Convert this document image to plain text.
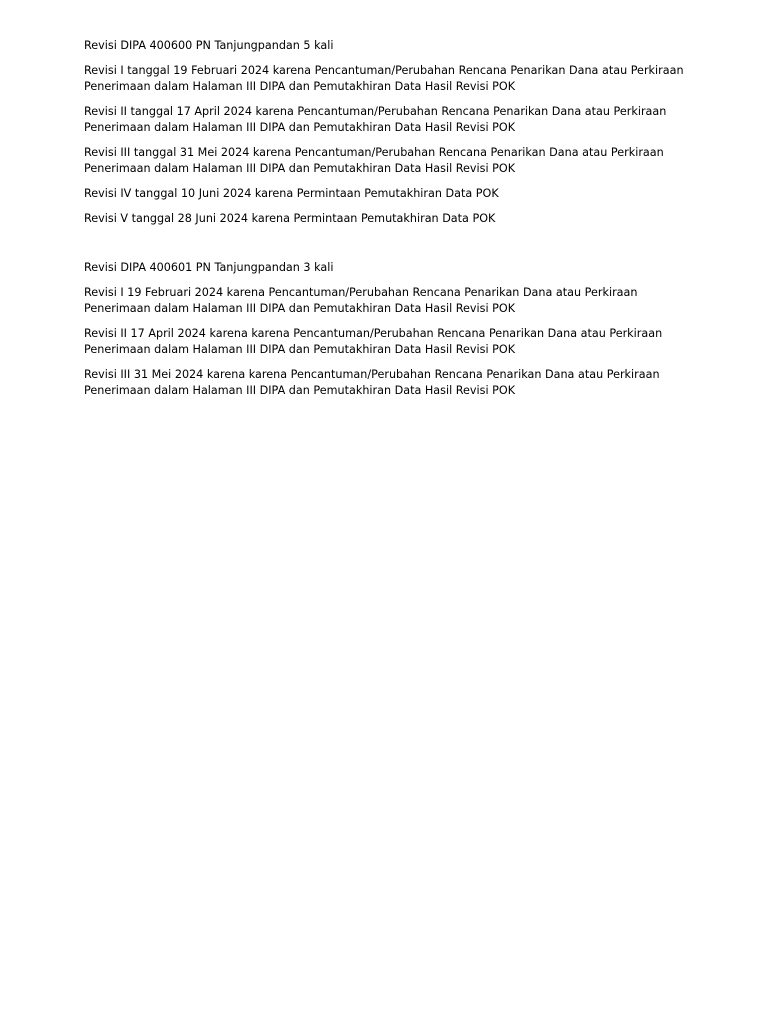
Revisi DIPA 400600 PN Tanjungpandan 5 kali

Revisi I tanggal 19 Februari 2024 karena Pencantuman/Perubahan Rencana Penarikan Dana atau Perkiraan Penerimaan dalam Halaman III DIPA dan Pemutakhiran Data Hasil Revisi POK

Revisi II tanggal 17 April 2024 karena Pencantuman/Perubahan Rencana Penarikan Dana atau Perkiraan Penerimaan dalam Halaman III DIPA dan Pemutakhiran Data Hasil Revisi POK

Revisi III tanggal 31 Mei 2024 karena Pencantuman/Perubahan Rencana Penarikan Dana atau Perkiraan Penerimaan dalam Halaman III DIPA dan Pemutakhiran Data Hasil Revisi POK

Revisi IV tanggal 10 Juni 2024 karena Permintaan Pemutakhiran Data POK

Revisi V tanggal 28 Juni 2024 karena Permintaan Pemutakhiran Data POK

Revisi DIPA 400601 PN Tanjungpandan 3 kali

Revisi I 19 Februari 2024 karena Pencantuman/Perubahan Rencana Penarikan Dana atau Perkiraan Penerimaan dalam Halaman III DIPA dan Pemutakhiran Data Hasil Revisi POK

Revisi II 17 April 2024 karena karena Pencantuman/Perubahan Rencana Penarikan Dana atau Perkiraan Penerimaan dalam Halaman III DIPA dan Pemutakhiran Data Hasil Revisi POK

Revisi III 31 Mei 2024 karena karena Pencantuman/Perubahan Rencana Penarikan Dana atau Perkiraan Penerimaan dalam Halaman III DIPA dan Pemutakhiran Data Hasil Revisi POK
